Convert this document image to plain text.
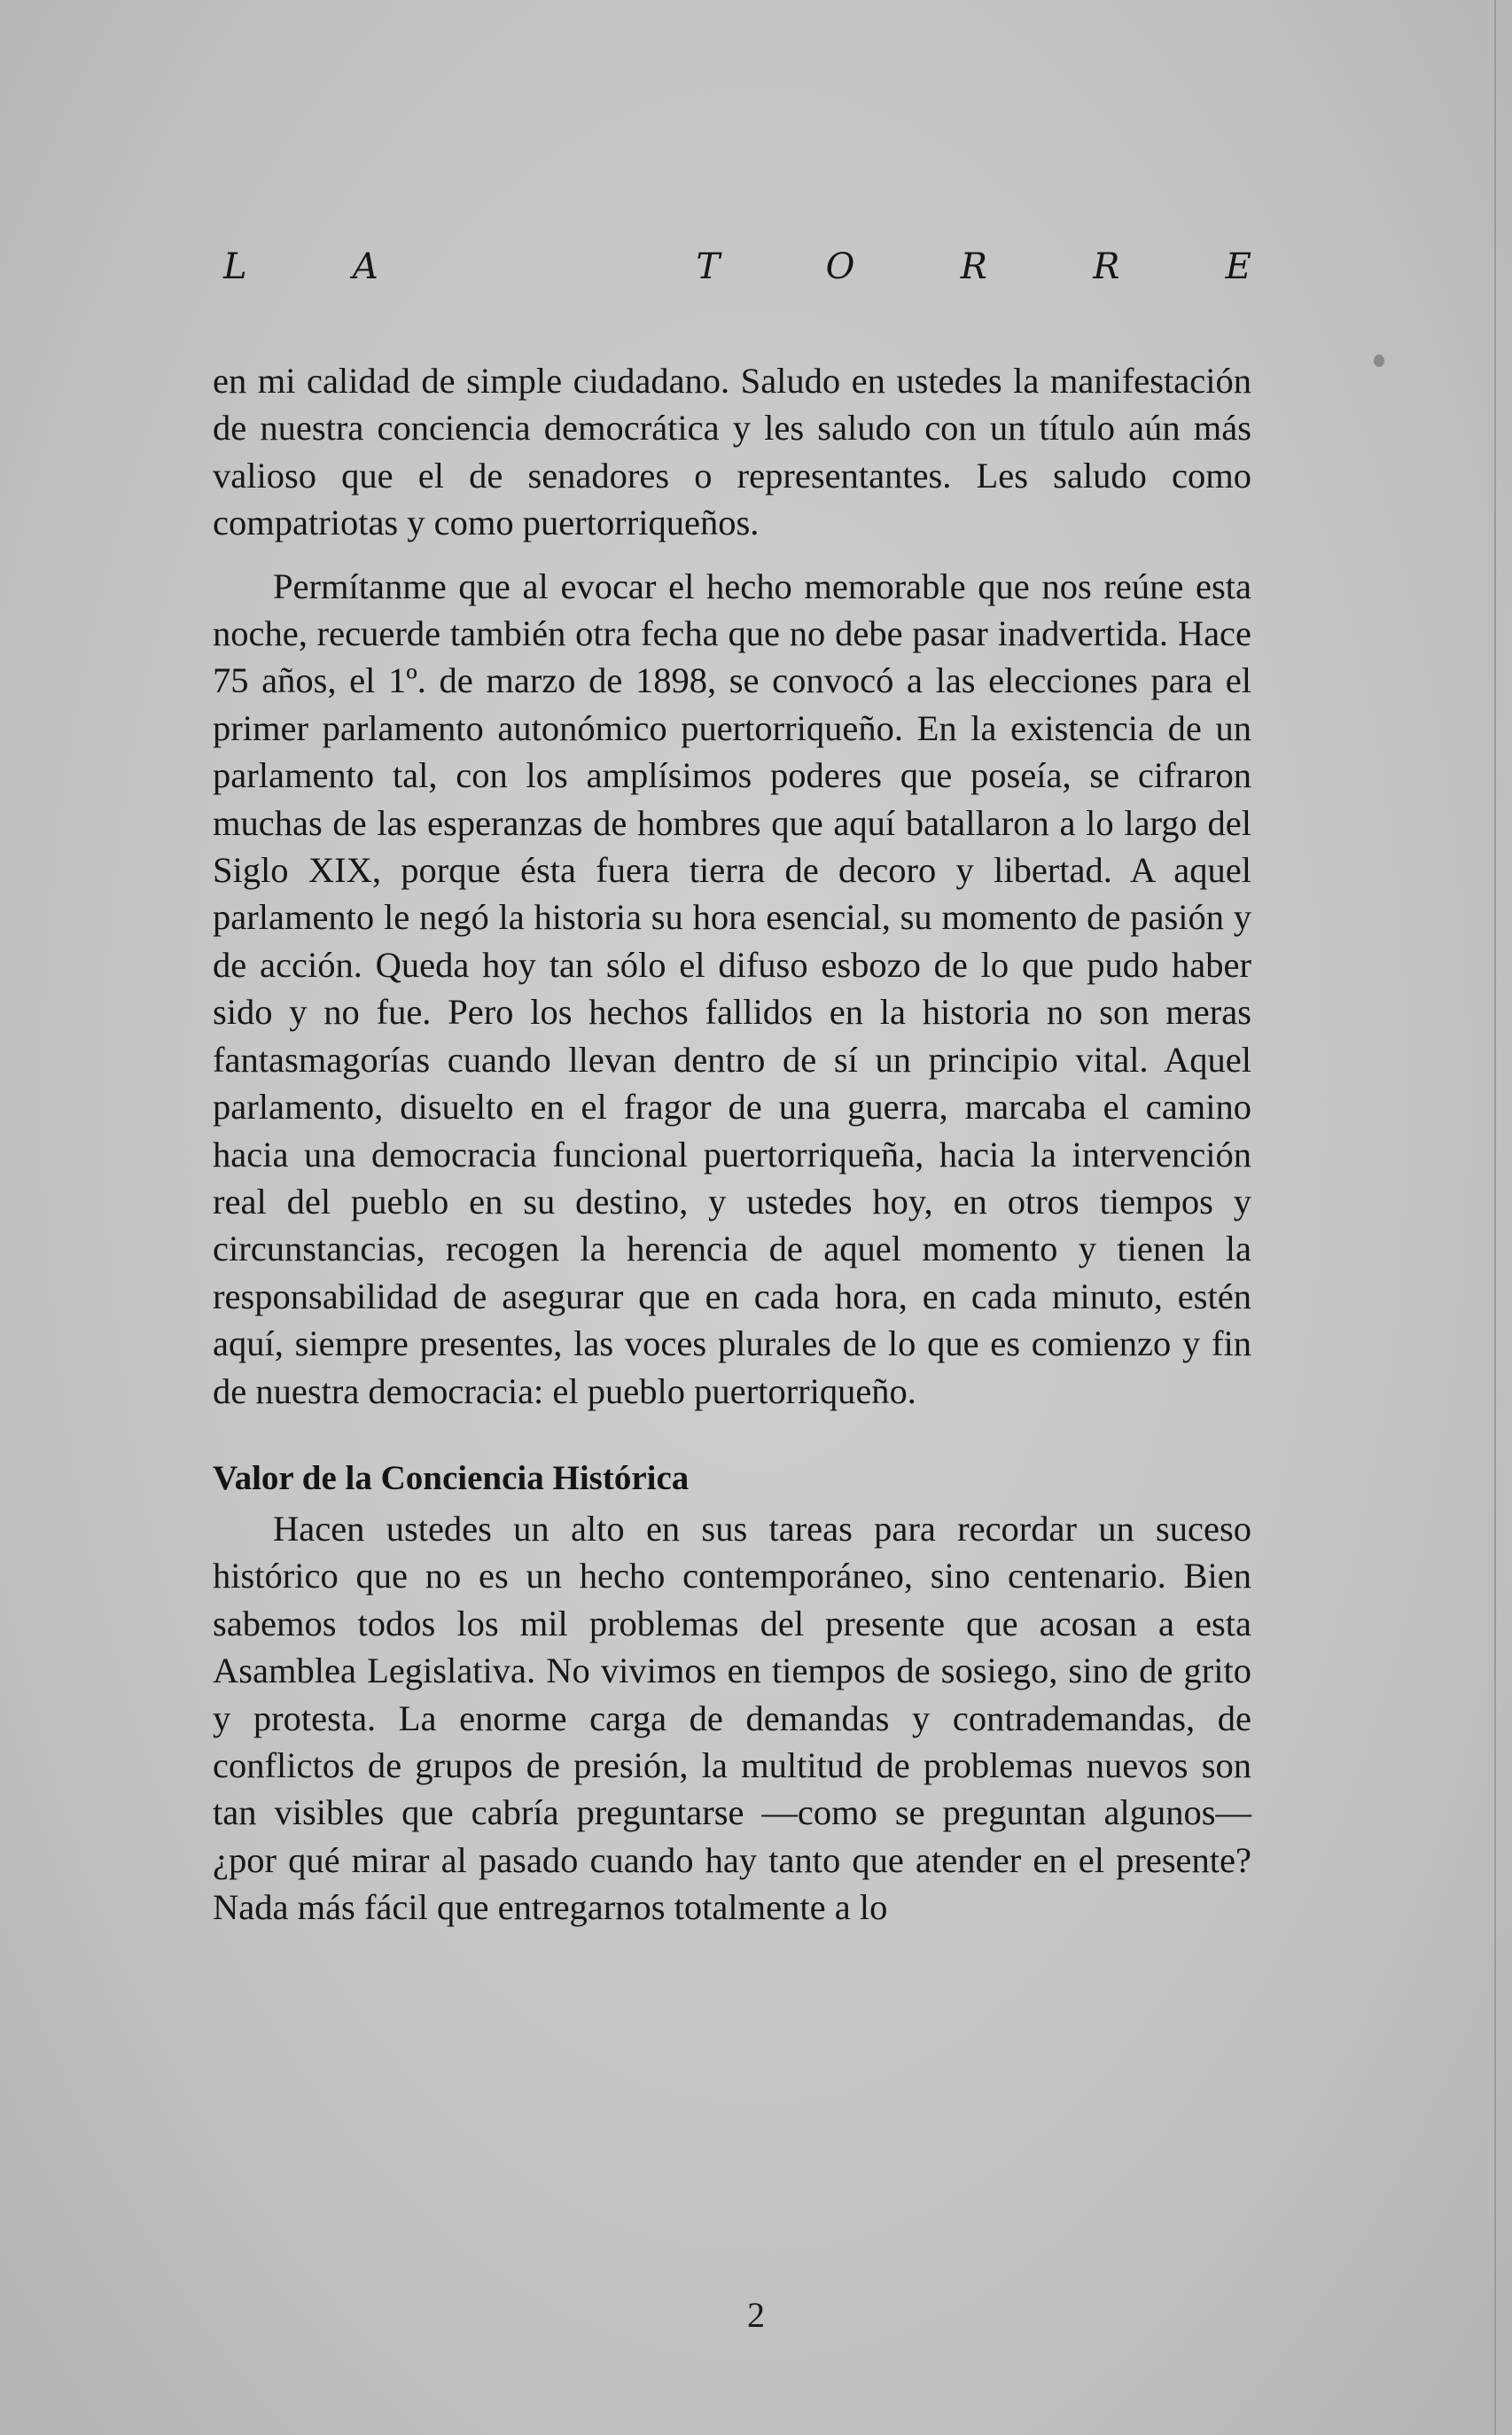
L	A	T	O	R	R	E

en mi calidad de simple ciudadano. Saludo en ustedes la manifestación de nuestra conciencia democrática y les saludo con un título aún más valioso que el de senadores o representantes. Les saludo como compatriotas y como puertorriqueños.

Permítanme que al evocar el hecho memorable que nos reúne esta noche, recuerde también otra fecha que no debe pasar inadvertida. Hace 75 años, el 1º. de marzo de 1898, se convocó a las elecciones para el primer parlamento autonómico puertorriqueño. En la existencia de un parlamento tal, con los amplísimos poderes que poseía, se cifraron muchas de las esperanzas de hombres que aquí batallaron a lo largo del Siglo XIX, porque ésta fuera tierra de decoro y libertad. A aquel parlamento le negó la historia su hora esencial, su momento de pasión y de acción. Queda hoy tan sólo el difuso esbozo de lo que pudo haber sido y no fue. Pero los hechos fallidos en la historia no son meras fantasmagorías cuando llevan dentro de sí un principio vital. Aquel parlamento, disuelto en el fragor de una guerra, marcaba el camino hacia una democracia funcional puertorriqueña, hacia la intervención real del pueblo en su destino, y ustedes hoy, en otros tiempos y circunstancias, recogen la herencia de aquel momento y tienen la responsabilidad de asegurar que en cada hora, en cada minuto, estén aquí, siempre presentes, las voces plurales de lo que es comienzo y fin de nuestra democracia: el pueblo puertorriqueño.

Valor de la Conciencia Histórica

Hacen ustedes un alto en sus tareas para recordar un suceso histórico que no es un hecho contemporáneo, sino centenario. Bien sabemos todos los mil problemas del presente que acosan a esta Asamblea Legislativa. No vivimos en tiempos de sosiego, sino de grito y protesta. La enorme carga de demandas y contrademandas, de conflictos de grupos de presión, la multitud de problemas nuevos son tan visibles que cabría preguntarse —como se preguntan algunos— ¿por qué mirar al pasado cuando hay tanto que atender en el presente? Nada más fácil que entregarnos totalmente a lo

2
